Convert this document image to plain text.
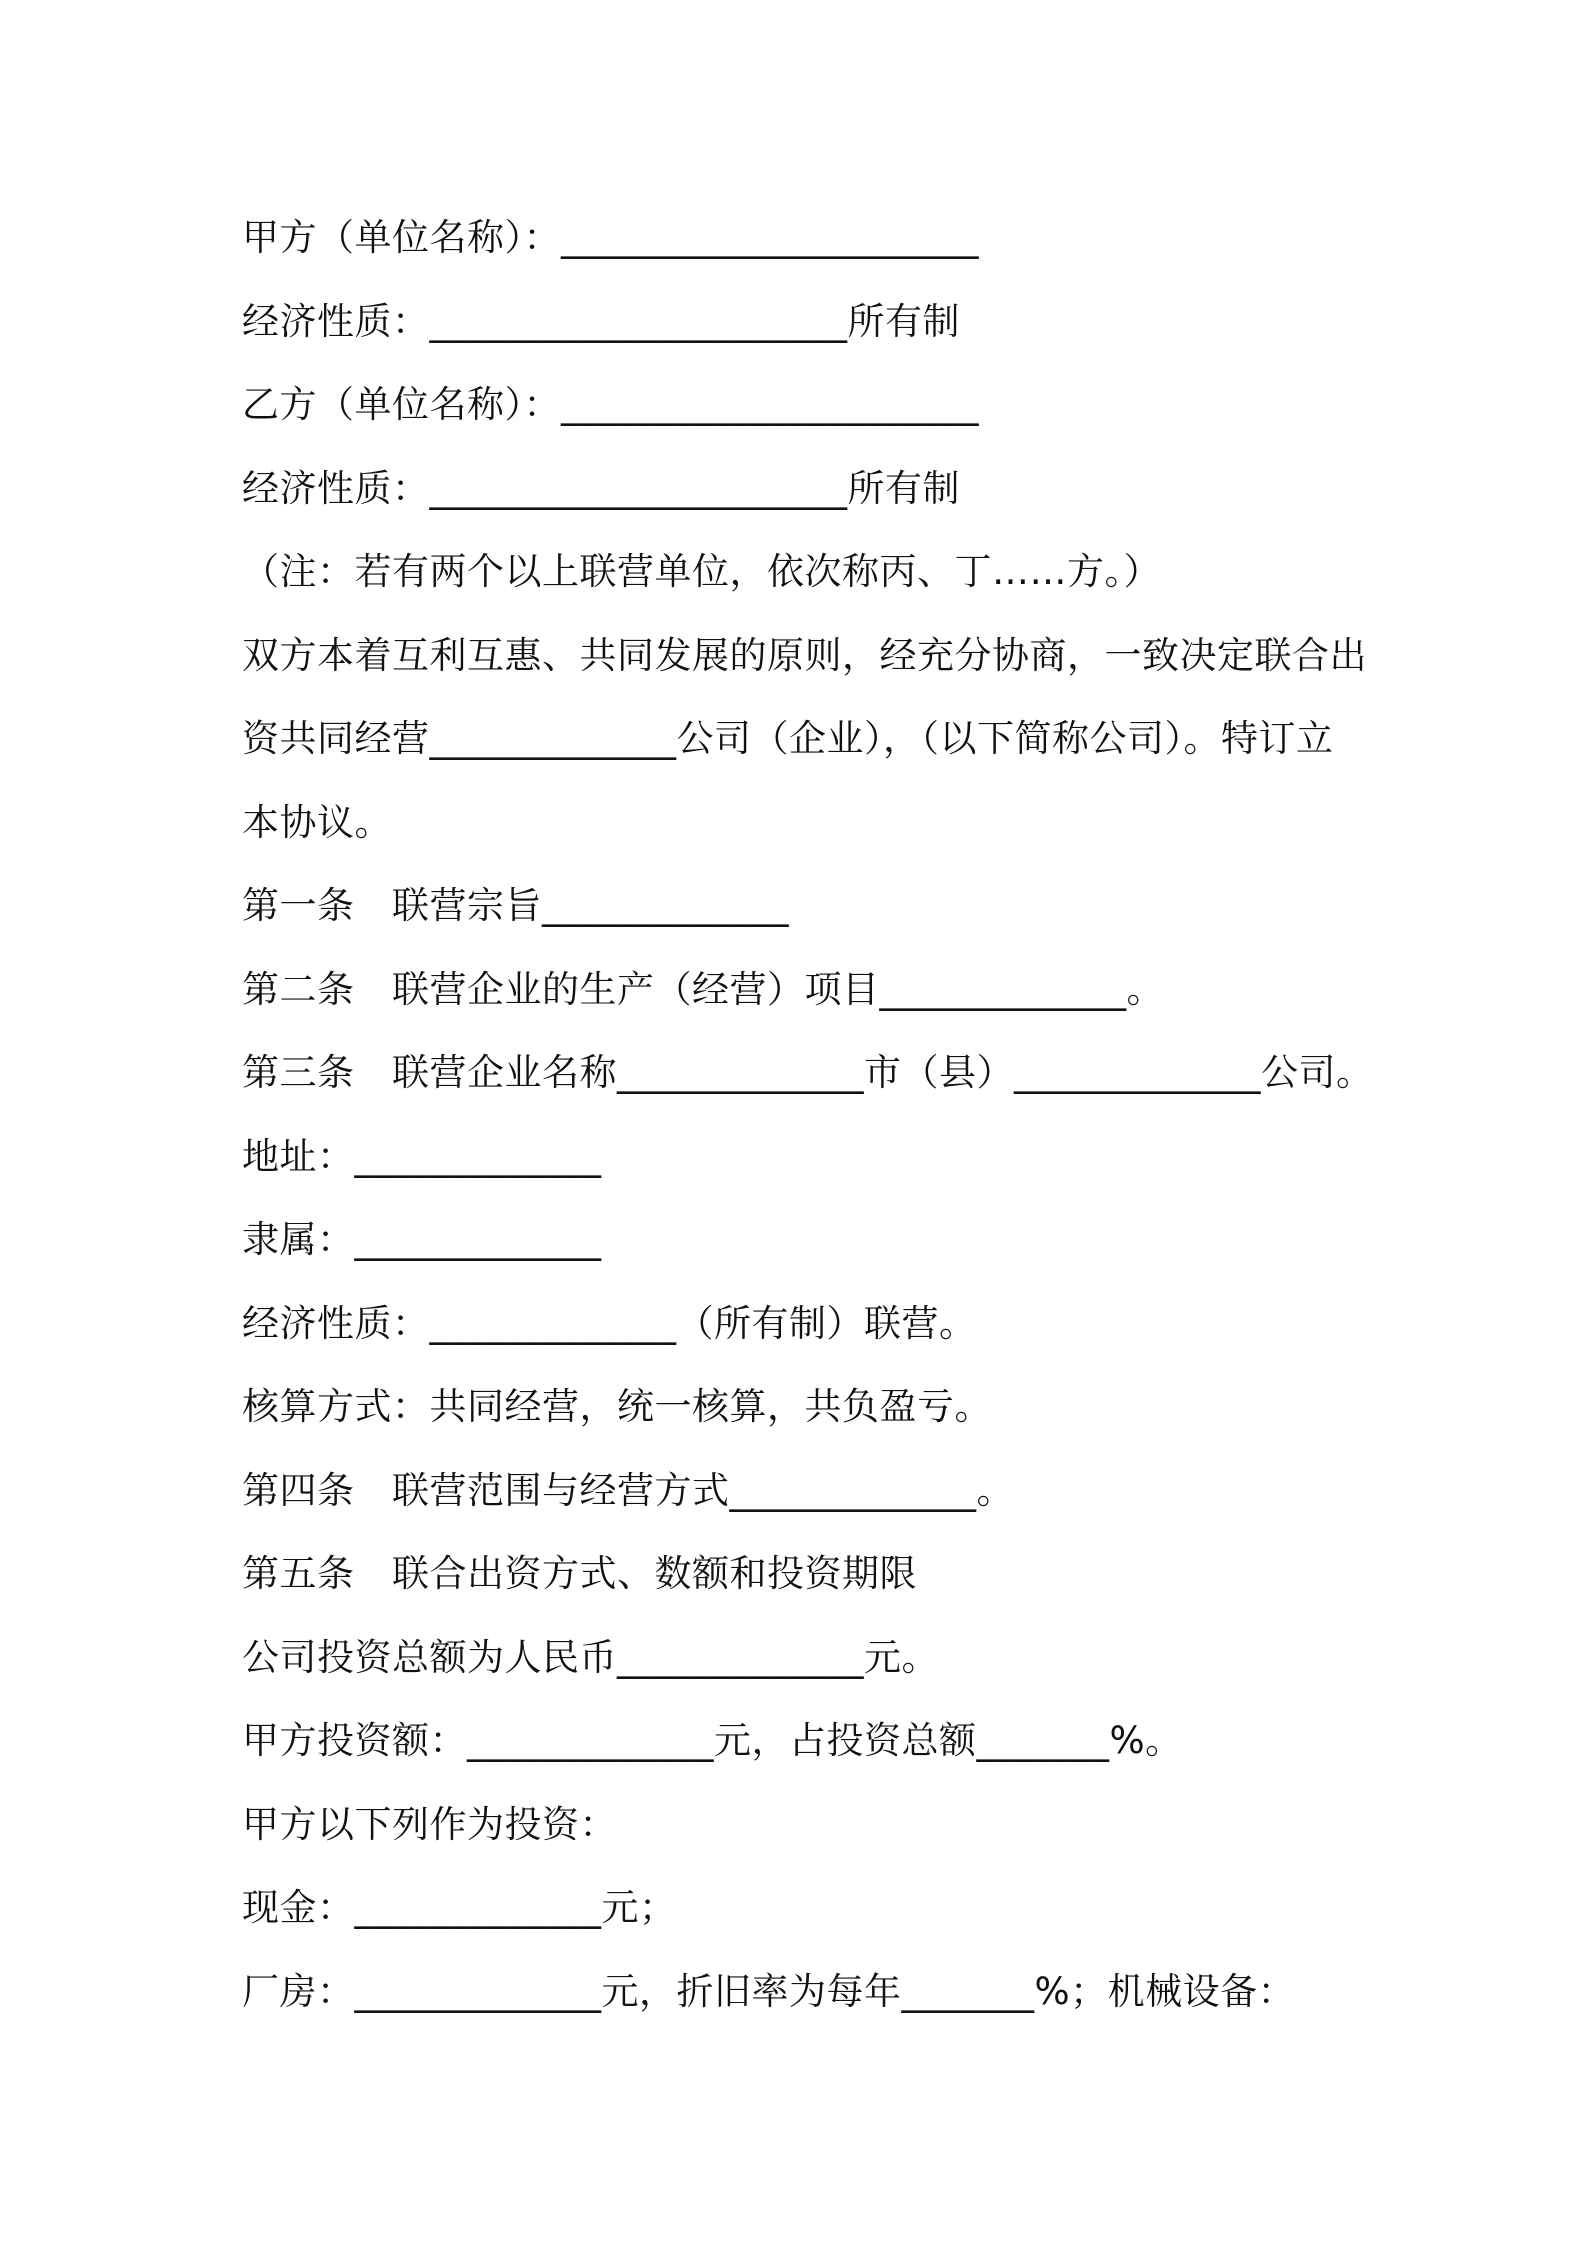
甲方（单位名称）：______________________
经济性质：______________________所有制
乙方（单位名称）：______________________
经济性质：______________________所有制
（注：若有两个以上联营单位，依次称丙、丁……方。）
双方本着互利互惠、共同发展的原则，经充分协商，一致决定联合出
资共同经营_____________公司（企业），（以下简称公司）。特订立
本协议。
第一条　联营宗旨_____________
第二条　联营企业的生产（经营）项目_____________。
第三条　联营企业名称_____________市（县）_____________公司。
地址：_____________
隶属：_____________
经济性质：_____________（所有制）联营。
核算方式：共同经营，统一核算，共负盈亏。
第四条　联营范围与经营方式_____________。
第五条　联合出资方式、数额和投资期限
公司投资总额为人民币_____________元。
甲方投资额：_____________元，占投资总额_______%。
甲方以下列作为投资：
现金：_____________元；
厂房：_____________元，折旧率为每年_______%；机械设备：
